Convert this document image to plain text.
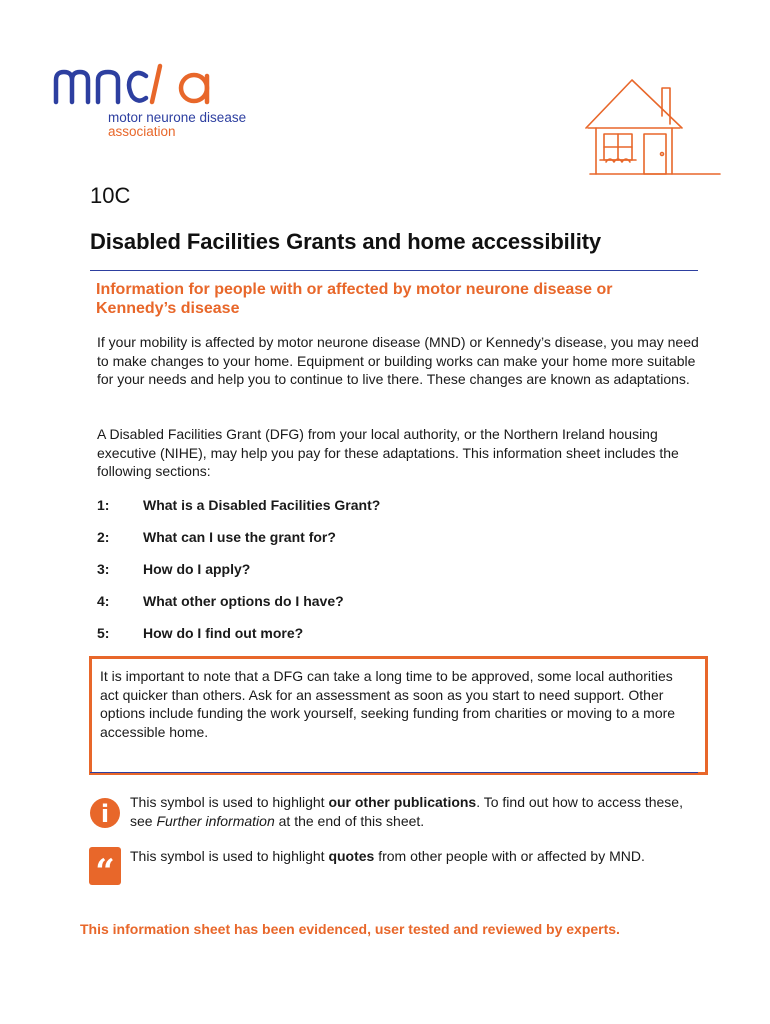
motor neurone disease
association
10C
Disabled Facilities Grants and home accessibility
Information for people with or affected by motor neurone disease or Kennedy’s disease

If your mobility is affected by motor neurone disease (MND) or Kennedy’s disease, you may need to make changes to your home. Equipment or building works can make your home more suitable for your needs and help you to continue to live there. These changes are known as adaptations.

A Disabled Facilities Grant (DFG) from your local authority, or the Northern Ireland housing executive (NIHE), may help you pay for these adaptations. This information sheet includes the following sections:

1:	What is a Disabled Facilities Grant?
2:	What can I use the grant for?
3:	How do I apply?
4:	What other options do I have?
5:	How do I find out more?

It is important to note that a DFG can take a long time to be approved, some local authorities act quicker than others. Ask for an assessment as soon as you start to need support. Other options include funding the work yourself, seeking funding from charities or moving to a more accessible home.

i This symbol is used to highlight our other publications. To find out how to access these, see Further information at the end of this sheet.

“ This symbol is used to highlight quotes from other people with or affected by MND.

This information sheet has been evidenced, user tested and reviewed by experts.
